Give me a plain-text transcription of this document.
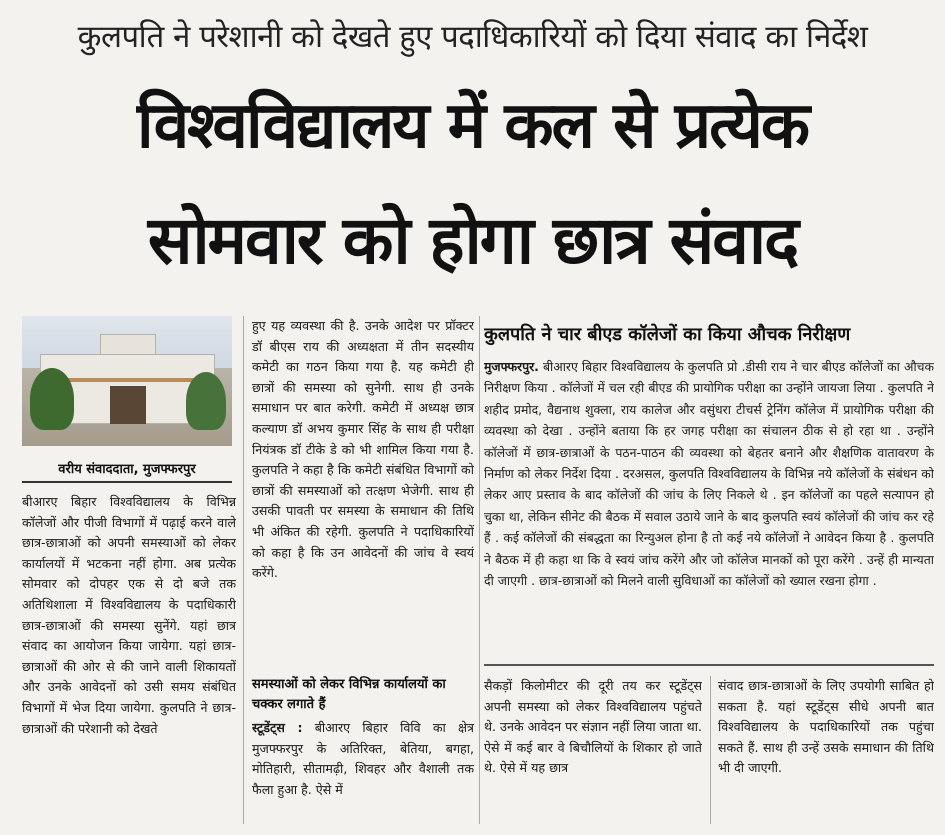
कुलपति ने परेशानी को देखते हुए पदाधिकारियों को दिया संवाद का निर्देश
विश्वविद्यालय में कल से प्रत्येक
सोमवार को होगा छात्र संवाद
वरीय संवाददाता, मुजफ्फरपुर
बीआरए बिहार विश्वविद्यालय के विभिन्न कॉलेजों और पीजी विभागों में पढ़ाई करने वाले छात्र-छात्राओं को अपनी समस्याओं को लेकर कार्यालयों में भटकना नहीं होगा. अब प्रत्येक सोमवार को दोपहर एक से दो बजे तक अतिथिशाला में विश्वविद्यालय के पदाधिकारी छात्र-छात्राओं की समस्या सुनेंगे. यहां छात्र संवाद का आयोजन किया जायेगा. यहां छात्र-छात्राओं की ओर से की जाने वाली शिकायतों और उनके आवेदनों को उसी समय संबंधित विभागों में भेज दिया जायेगा. कुलपति ने छात्र-छात्राओं की परेशानी को देखते
हुए यह व्यवस्था की है. उनके आदेश पर प्रॉक्टर डॉ बीएस राय की अध्यक्षता में तीन सदस्यीय कमेटी का गठन किया गया है. यह कमेटी ही छात्रों की समस्या को सुनेगी. साथ ही उनके समाधान पर बात करेगी. कमेटी में अध्यक्ष छात्र कल्याण डॉ अभय कुमार सिंह के साथ ही परीक्षा नियंत्रक डॉ टीके डे को भी शामिल किया गया है. कुलपति ने कहा है कि कमेटी संबंधित विभागों को छात्रों की समस्याओं को तत्क्षण भेजेगी. साथ ही उसकी पावती पर समस्या के समाधान की तिथि भी अंकित की रहेगी. कुलपति ने पदाधिकारियों को कहा है कि उन आवेदनों की जांच वे स्वयं करेंगे.
समस्याओं को लेकर विभिन्न कार्यालयों का चक्कर लगाते हैं
स्टूडेंट्स : बीआरए बिहार विवि का क्षेत्र मुजफ्फरपुर के अतिरिक्त, बेतिया, बगहा, मोतिहारी, सीतामढ़ी, शिवहर और वैशाली तक फैला हुआ है. ऐसे में
कुलपति ने चार बीएड कॉलेजों का किया औचक निरीक्षण
मुजफ्फरपुर. बीआरए बिहार विश्वविद्यालय के कुलपति प्रो .डीसी राय ने चार बीएड कॉलेजों का औचक निरीक्षण किया . कॉलेजों में चल रही बीएड की प्रायोगिक परीक्षा का उन्होंने जायजा लिया . कुलपति ने शहीद प्रमोद, वैद्यनाथ शुक्ला, राय कालेज और वसुंधरा टीचर्स ट्रेनिंग कॉलेज में प्रायोगिक परीक्षा की व्यवस्था को देखा . उन्होंने बताया कि हर जगह परीक्षा का संचालन ठीक से हो रहा था . उन्होंने कॉलेजों में छात्र-छात्राओं के पठन-पाठन की व्यवस्था को बेहतर बनाने और शैक्षणिक वातावरण के निर्माण को लेकर निर्देश दिया . दरअसल, कुलपति विश्वविद्यालय के विभिन्न नये कॉलेजों के संबंधन को लेकर आए प्रस्ताव के बाद कॉलेजों की जांच के लिए निकले थे . इन कॉलेजों का पहले सत्यापन हो चुका था, लेकिन सीनेट की बैठक में सवाल उठाये जाने के बाद कुलपति स्वयं कॉलेजों की जांच कर रहे हैं . कई कॉलेजों की संबद्धता का रिन्युअल होना है तो कई नये कॉलेजों ने आवेदन किया है . कुलपति ने बैठक में ही कहा था कि वे स्वयं जांच करेंगे और जो कॉलेज मानकों को पूरा करेंगे . उन्हें ही मान्यता दी जाएगी . छात्र-छात्राओं को मिलने वाली सुविधाओं का कॉलेजों को ख्याल रखना होगा .
सैकड़ों किलोमीटर की दूरी तय कर स्टूडेंट्स अपनी समस्या को लेकर विश्वविद्यालय पहुंचते थे. उनके आवेदन पर संज्ञान नहीं लिया जाता था. ऐसे में कई बार वे बिचौलियों के शिकार हो जाते थे. ऐसे में यह छात्र
संवाद छात्र-छात्राओं के लिए उपयोगी साबित हो सकता है. यहां स्टूडेंट्स सीधे अपनी बात विश्वविद्यालय के पदाधिकारियों तक पहुंचा सकते हैं. साथ ही उन्हें उसके समाधान की तिथि भी दी जाएगी.
